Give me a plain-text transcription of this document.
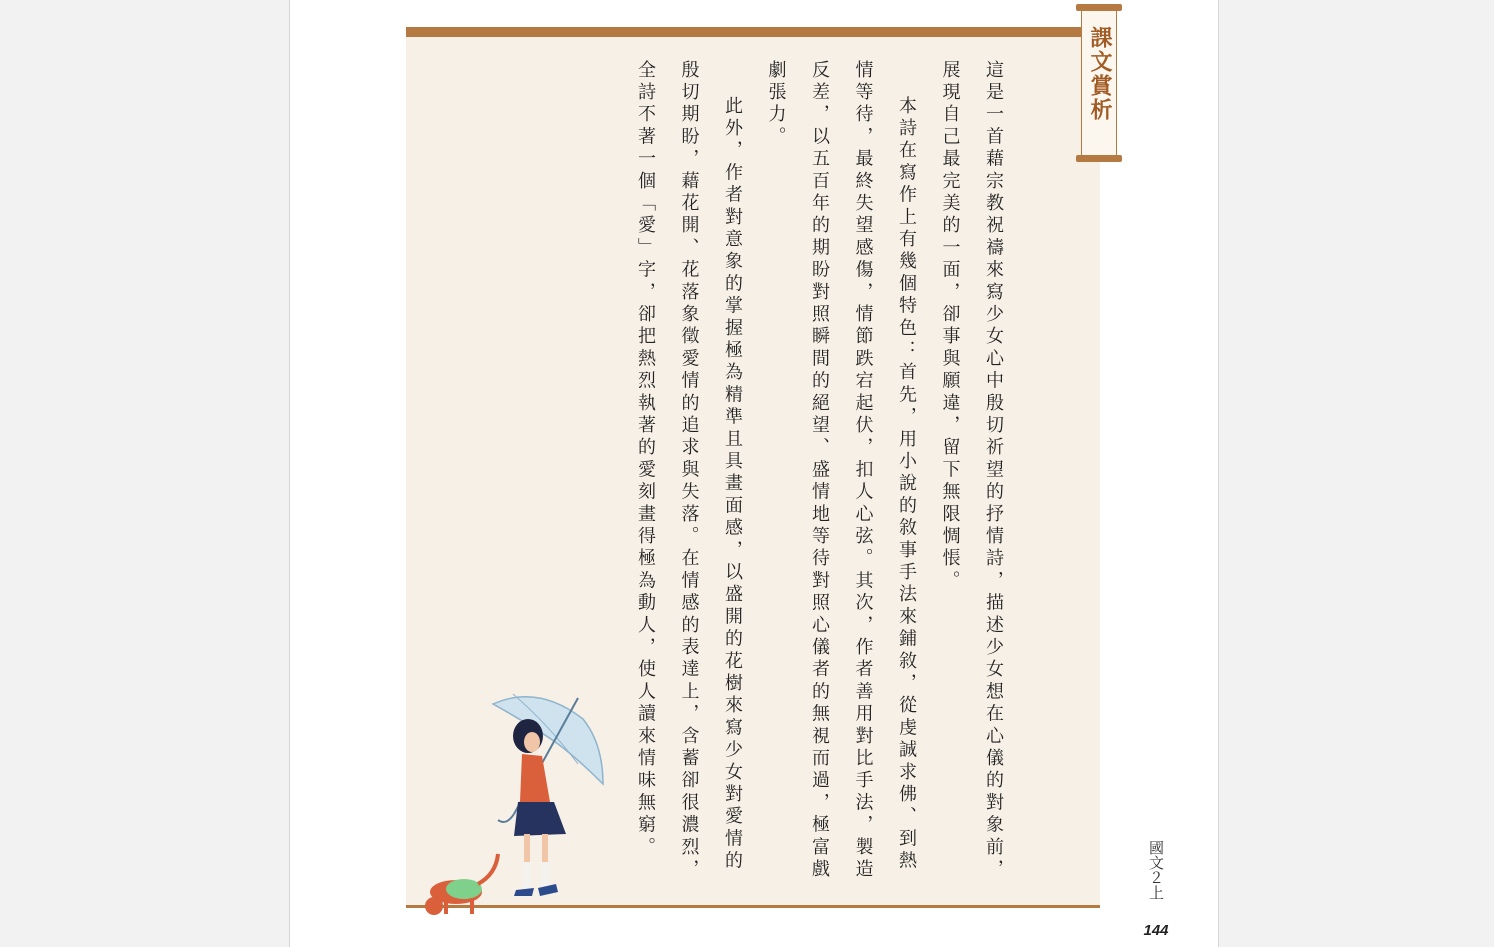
課文賞析

這是一首藉宗教祝禱來寫少女心中殷切祈望的抒情詩，描述少女想在心儀的對象前，展現自己最完美的一面，卻事與願違，留下無限惆悵。

本詩在寫作上有幾個特色：首先，用小說的敘事手法來鋪敘，從虔誠求佛、到熱情等待，最終失望感傷，情節跌宕起伏，扣人心弦。其次，作者善用對比手法，製造反差，以五百年的期盼對照瞬間的絕望、盛情地等待對照心儀者的無視而過，極富戲劇張力。

此外，作者對意象的掌握極為精準且具畫面感，以盛開的花樹來寫少女對愛情的殷切期盼，藉花開、花落象徵愛情的追求與失落。在情感的表達上，含蓄卻很濃烈，全詩不著一個「愛」字，卻把熱烈執著的愛刻畫得極為動人，使人讀來情味無窮。

國文２上
144
